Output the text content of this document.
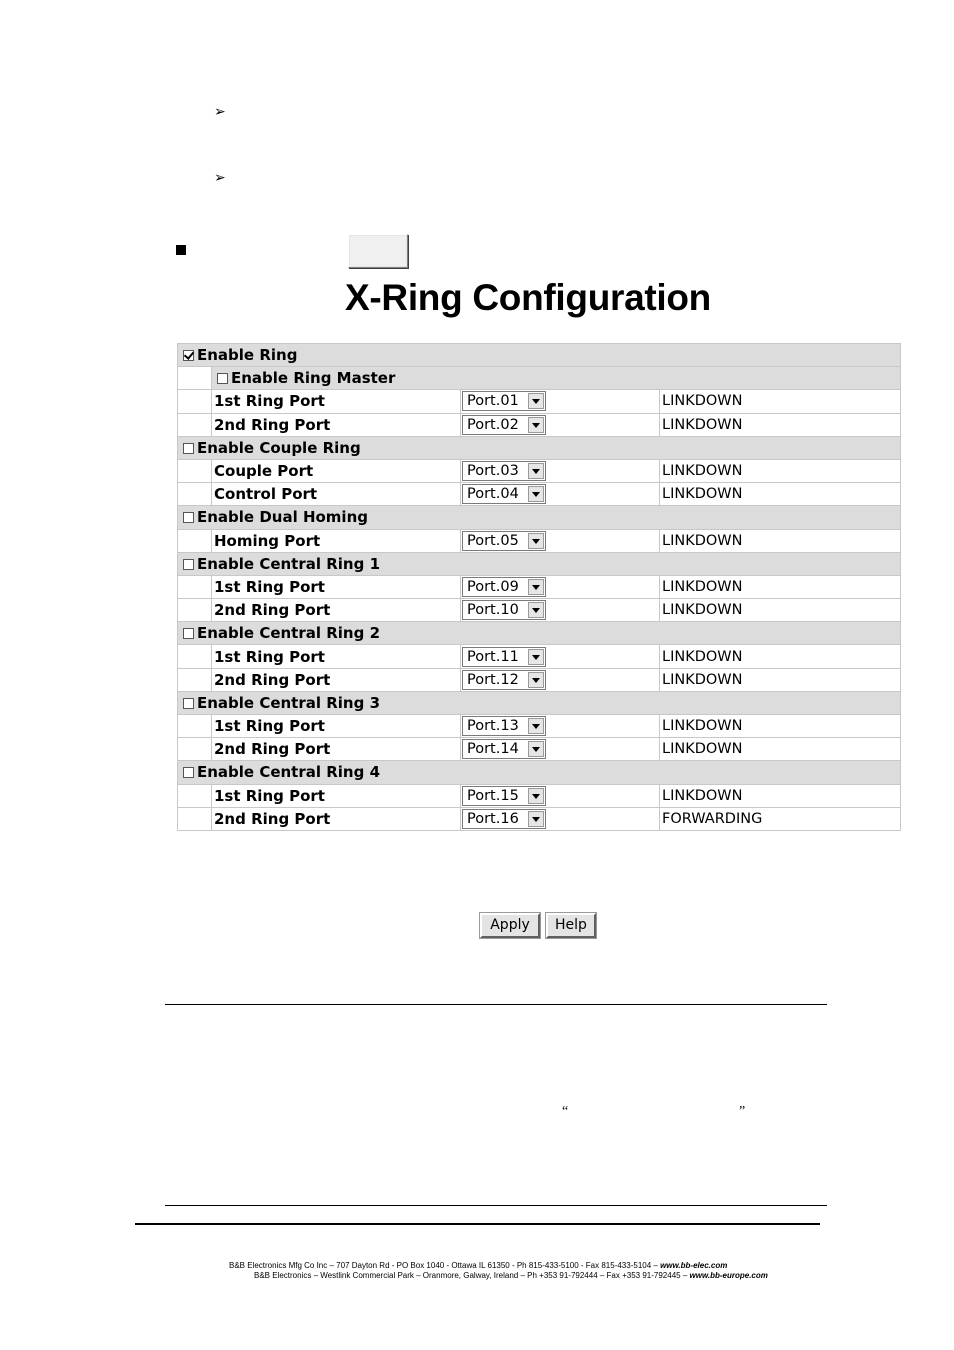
➢
➢
X-Ring Configuration
Enable Ring			
	Enable Ring Master		
	1st Ring Port	Port.01	LINKDOWN
	2nd Ring Port	Port.02	LINKDOWN
Enable Couple Ring			
	Couple Port	Port.03	LINKDOWN
	Control Port	Port.04	LINKDOWN
Enable Dual Homing			
	Homing Port	Port.05	LINKDOWN
Enable Central Ring 1			
	1st Ring Port	Port.09	LINKDOWN
	2nd Ring Port	Port.10	LINKDOWN
Enable Central Ring 2			
	1st Ring Port	Port.11	LINKDOWN
	2nd Ring Port	Port.12	LINKDOWN
Enable Central Ring 3			
	1st Ring Port	Port.13	LINKDOWN
	2nd Ring Port	Port.14	LINKDOWN
Enable Central Ring 4			
	1st Ring Port	Port.15	LINKDOWN
	2nd Ring Port	Port.16	FORWARDING
Apply	Help
“	”
B&B Electronics Mfg Co Inc – 707 Dayton Rd - PO Box 1040 - Ottawa IL 61350 - Ph 815-433-5100 - Fax 815-433-5104 – www.bb-elec.com
B&B Electronics – Westlink Commercial Park – Oranmore, Galway, Ireland – Ph +353 91-792444 – Fax +353 91-792445 – www.bb-europe.com
